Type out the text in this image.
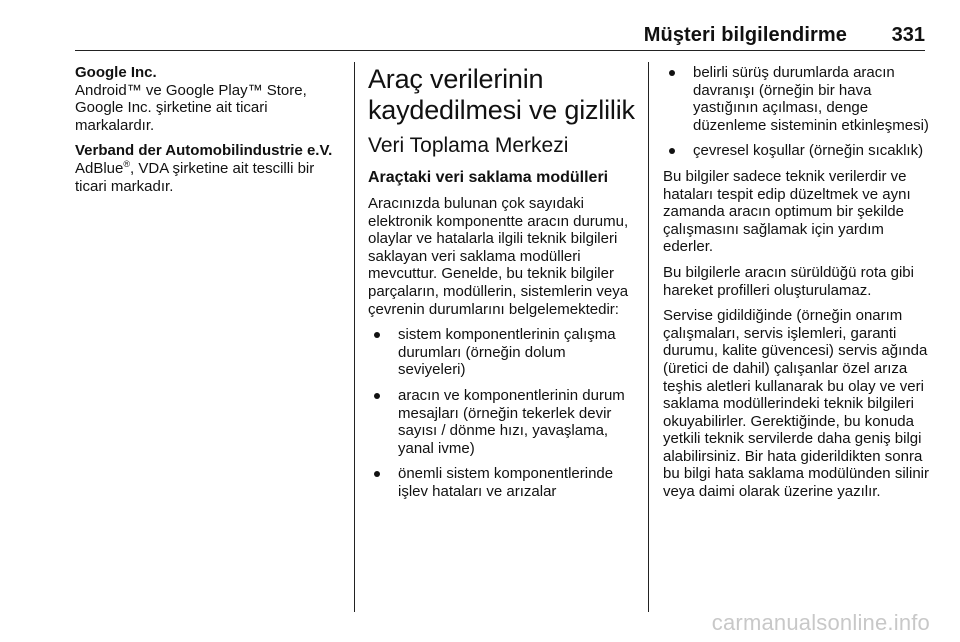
Müşteri bilgilendirme 331

Google Inc.

Android™ ve Google Play™ Store, Google Inc. şirketine ait ticari markalardır.

Verband der Automobilindustrie e.V.

AdBlue®, VDA şirketine ait tescilli bir ticari markadır.

Araç verilerinin kaydedilmesi ve gizlilik
Veri Toplama Merkezi
Araçtaki veri saklama modülleri

Aracınızda bulunan çok sayıdaki elektronik komponentte aracın durumu, olaylar ve hatalarla ilgili teknik bilgileri saklayan veri saklama modülleri mevcuttur. Genelde, bu teknik bilgiler parçaların, modüllerin, sistemlerin veya çevrenin durumlarını belgelemektedir:

sistem komponentlerinin çalışma durumları (örneğin dolum seviyeleri)
aracın ve komponentlerinin durum mesajları (örneğin tekerlek devir sayısı / dönme hızı, yavaşlama, yanal ivme)
önemli sistem komponentlerinde işlev hataları ve arızalar
belirli sürüş durumlarda aracın davranışı (örneğin bir hava yastığının açılması, denge düzenleme sisteminin etkinleşmesi)
çevresel koşullar (örneğin sıcaklık)

Bu bilgiler sadece teknik verilerdir ve hataları tespit edip düzeltmek ve aynı zamanda aracın optimum bir şekilde çalışmasını sağlamak için yardım ederler.

Bu bilgilerle aracın sürüldüğü rota gibi hareket profilleri oluşturulamaz.

Servise gidildiğinde (örneğin onarım çalışmaları, servis işlemleri, garanti durumu, kalite güvencesi) servis ağında (üretici de dahil) çalışanlar özel arıza teşhis aletleri kullanarak bu olay ve veri saklama modüllerindeki teknik bilgileri okuyabilirler. Gerektiğinde, bu konuda yetkili teknik servilerde daha geniş bilgi alabilirsiniz. Bir hata giderildikten sonra bu bilgi hata saklama modülünden silinir veya daimi olarak üzerine yazılır.

carmanualsonline.info
